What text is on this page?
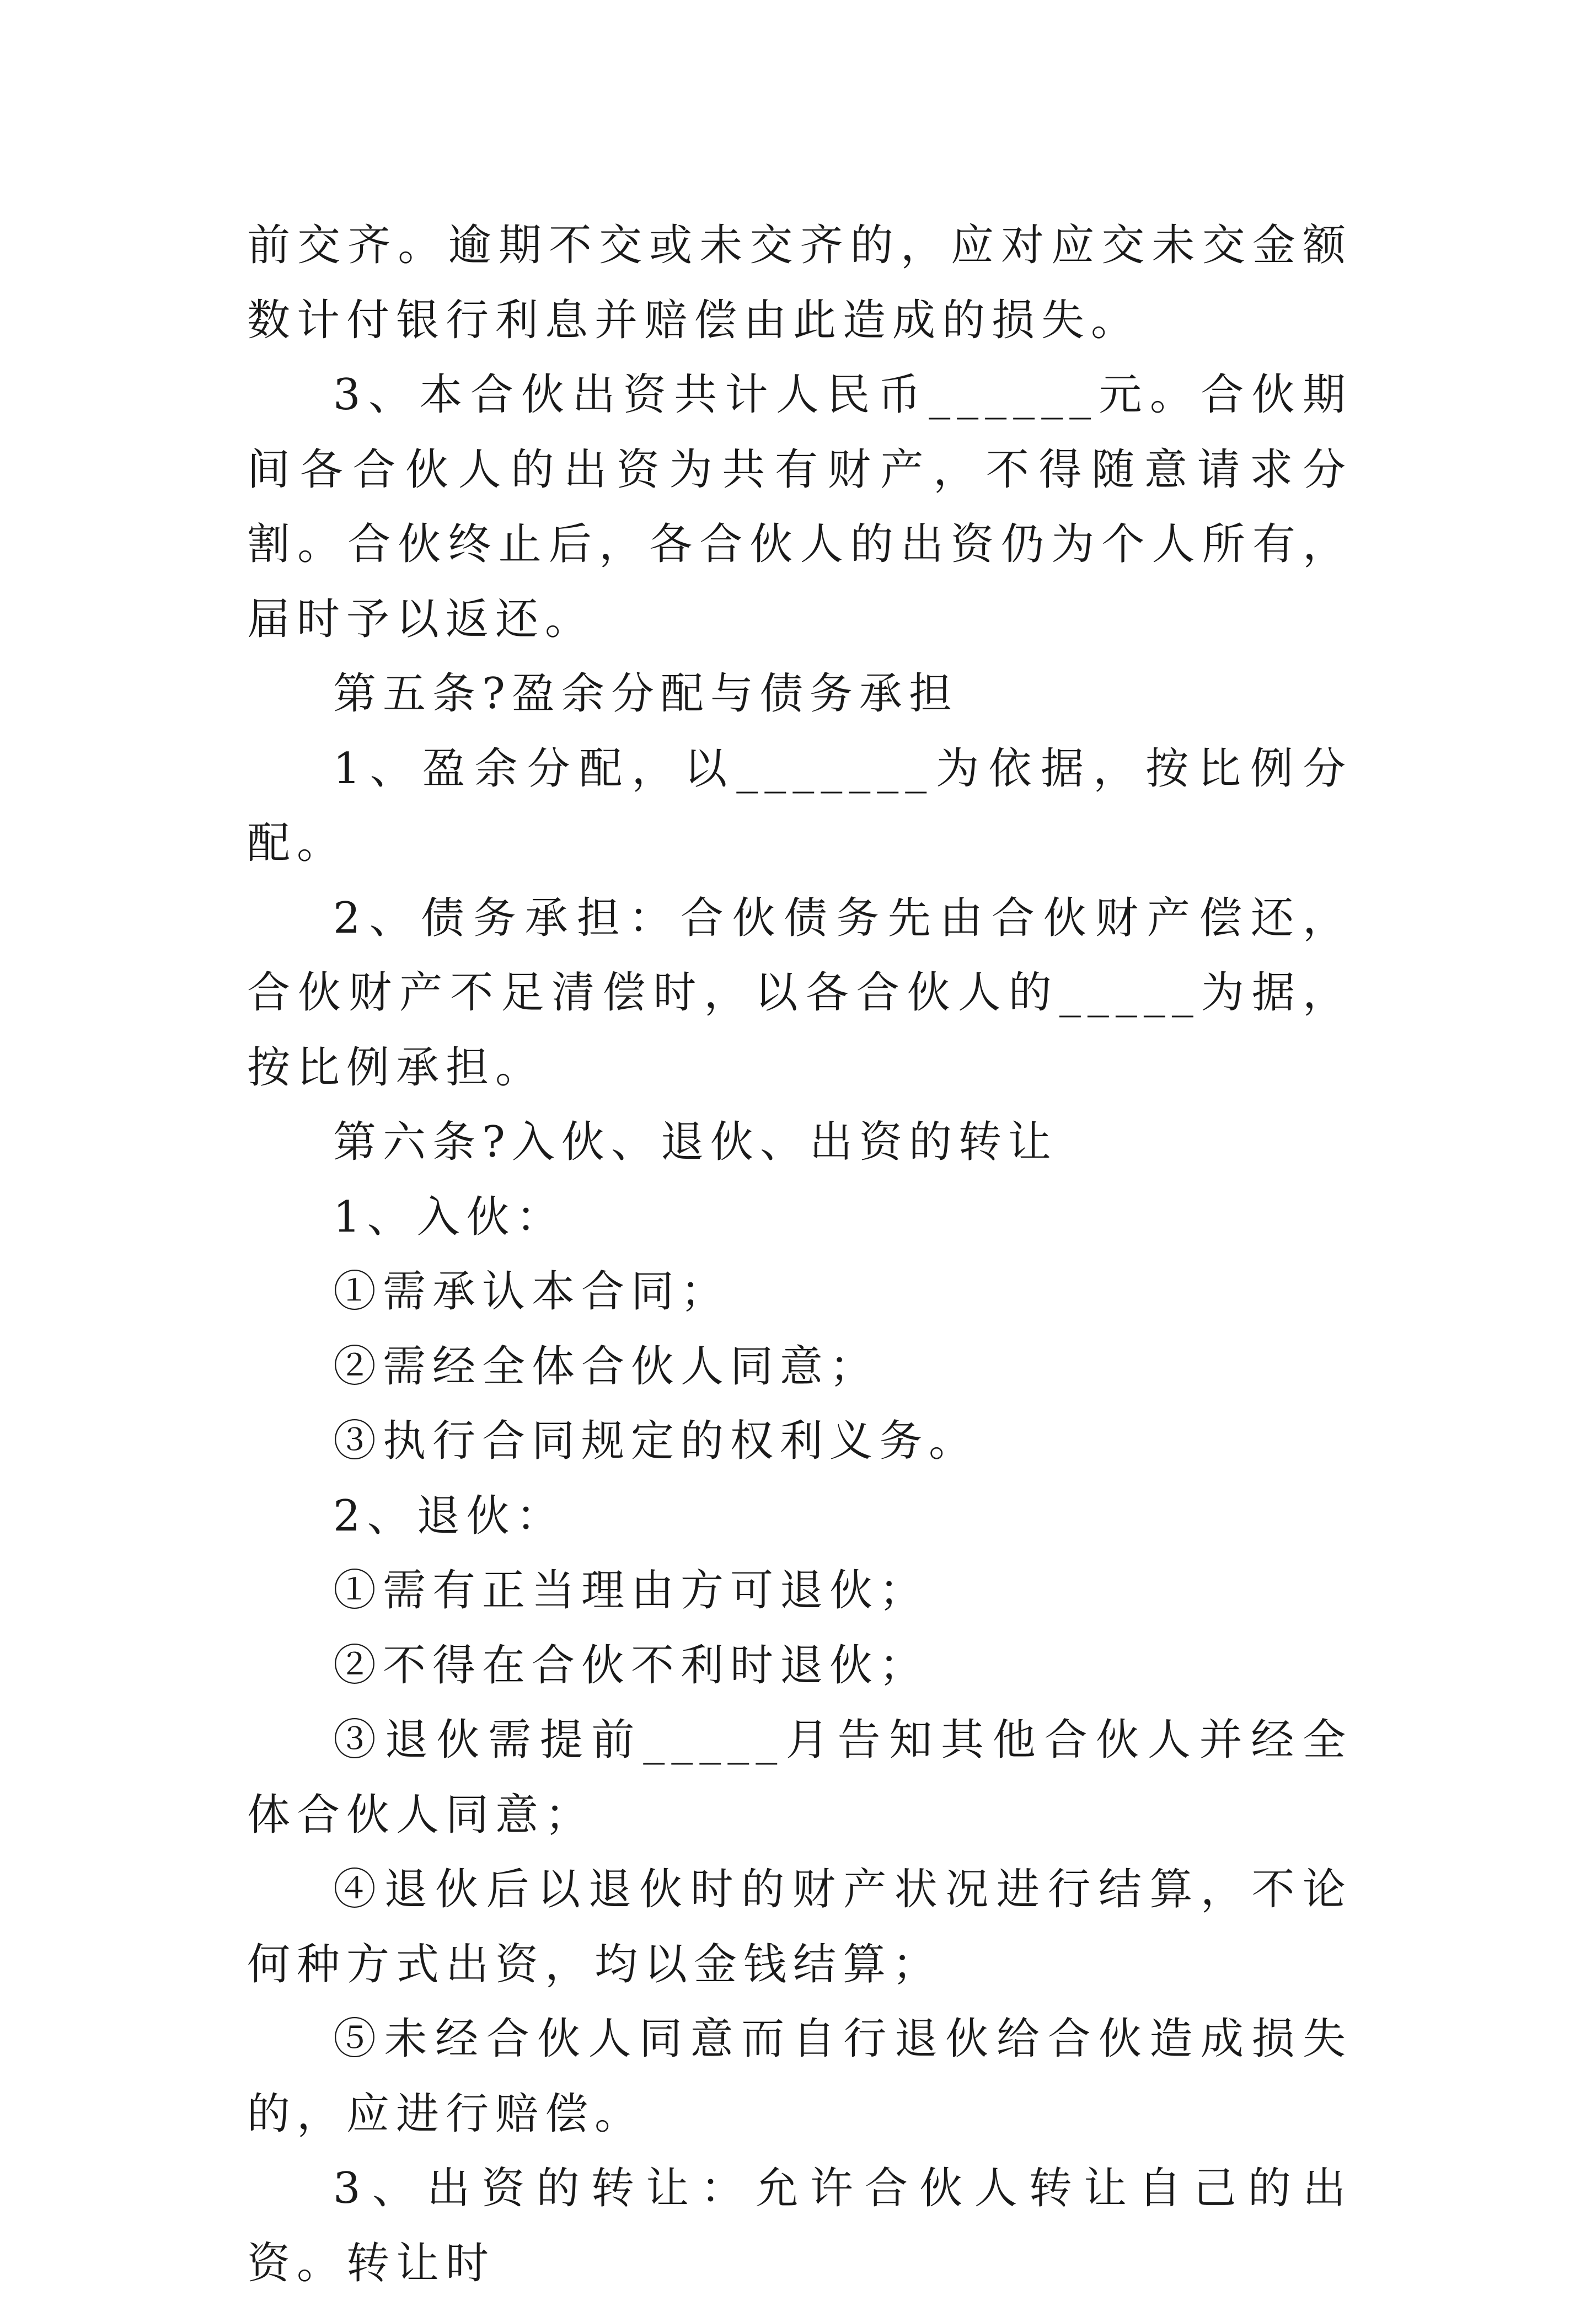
前交齐。逾期不交或未交齐的，应对应交未交金额数计付银行利息并赔偿由此造成的损失。

3、本合伙出资共计人民币______元。合伙期间各合伙人的出资为共有财产，不得随意请求分割。合伙终止后，各合伙人的出资仍为个人所有，届时予以返还。

第五条?盈余分配与债务承担

1、盈余分配，以_______为依据，按比例分配。

2、债务承担：合伙债务先由合伙财产偿还，合伙财产不足清偿时，以各合伙人的_____为据，按比例承担。

第六条?入伙、退伙、出资的转让

1、入伙：

①需承认本合同；

②需经全体合伙人同意；

③执行合同规定的权利义务。

2、退伙：

①需有正当理由方可退伙；

②不得在合伙不利时退伙；

③退伙需提前_____月告知其他合伙人并经全体合伙人同意；

④退伙后以退伙时的财产状况进行结算，不论何种方式出资，均以金钱结算；

⑤未经合伙人同意而自行退伙给合伙造成损失的，应进行赔偿。

3、出资的转让：允许合伙人转让自己的出资。转让时
